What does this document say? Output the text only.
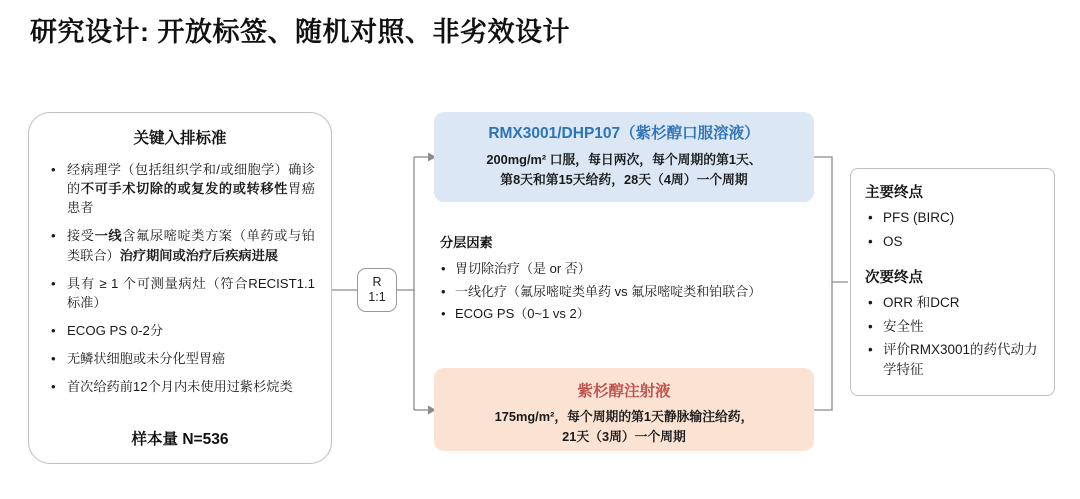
研究设计: 开放标签、随机对照、非劣效设计
关键入排标准
• 经病理学（包括组织学和/或细胞学）确诊的不可手术切除的或复发的或转移性胃癌患者
• 接受一线含氟尿嘧啶类方案（单药或与铂类联合）治疗期间或治疗后疾病进展
• 具有 ≥ 1 个可测量病灶（符合RECIST1.1标准）
• ECOG PS 0-2分
• 无鳞状细胞或未分化型胃癌
• 首次给药前12个月内未使用过紫杉烷类
样本量 N=536
R
1:1
RMX3001/DHP107（紫杉醇口服溶液）
200mg/m² 口服，每日两次，每个周期的第1天、
第8天和第15天给药，28天（4周）一个周期
紫杉醇注射液
175mg/m²，每个周期的第1天静脉输注给药，
21天（3周）一个周期
分层因素
• 胃切除治疗（是 or 否）
• 一线化疗（氟尿嘧啶类单药 vs 氟尿嘧啶类和铂联合）
• ECOG PS（0~1 vs 2）
主要终点
• PFS (BIRC)
• OS
次要终点
• ORR 和DCR
• 安全性
• 评价RMX3001的药代动力学特征
